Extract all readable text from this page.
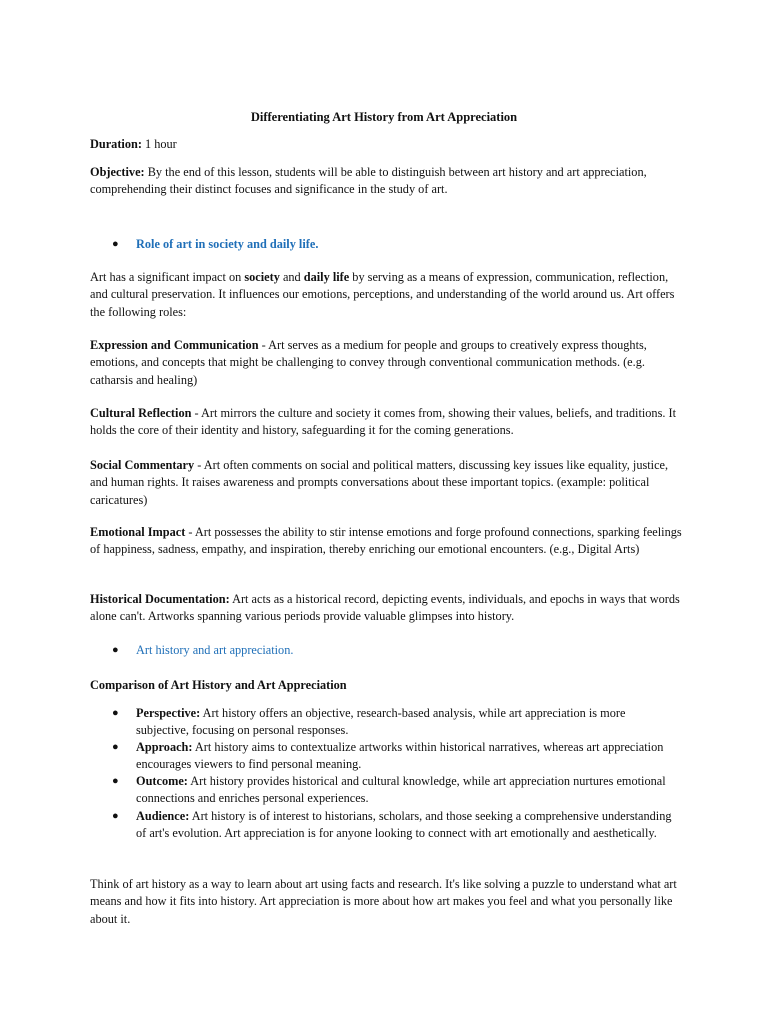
Differentiating Art History from Art Appreciation

Duration: 1 hour

Objective: By the end of this lesson, students will be able to distinguish between art history and art appreciation, comprehending their distinct focuses and significance in the study of art.

●	Role of art in society and daily life.

Art has a significant impact on society and daily life by serving as a means of expression, communication, reflection, and cultural preservation. It influences our emotions, perceptions, and understanding of the world around us. Art offers the following roles:

Expression and Communication - Art serves as a medium for people and groups to creatively express thoughts, emotions, and concepts that might be challenging to convey through conventional communication methods. (e.g. catharsis and healing)

Cultural Reflection - Art mirrors the culture and society it comes from, showing their values, beliefs, and traditions. It holds the core of their identity and history, safeguarding it for the coming generations.

Social Commentary - Art often comments on social and political matters, discussing key issues like equality, justice, and human rights. It raises awareness and prompts conversations about these important topics. (example: political caricatures)

Emotional Impact - Art possesses the ability to stir intense emotions and forge profound connections, sparking feelings of happiness, sadness, empathy, and inspiration, thereby enriching our emotional encounters. (e.g., Digital Arts)

Historical Documentation: Art acts as a historical record, depicting events, individuals, and epochs in ways that words alone can't. Artworks spanning various periods provide valuable glimpses into history.

●	Art history and art appreciation.

Comparison of Art History and Art Appreciation

●	Perspective: Art history offers an objective, research-based analysis, while art appreciation is more subjective, focusing on personal responses.
●	Approach: Art history aims to contextualize artworks within historical narratives, whereas art appreciation encourages viewers to find personal meaning.
●	Outcome: Art history provides historical and cultural knowledge, while art appreciation nurtures emotional connections and enriches personal experiences.
●	Audience: Art history is of interest to historians, scholars, and those seeking a comprehensive understanding of art's evolution. Art appreciation is for anyone looking to connect with art emotionally and aesthetically.

Think of art history as a way to learn about art using facts and research. It's like solving a puzzle to understand what art means and how it fits into history. Art appreciation is more about how art makes you feel and what you personally like about it.
